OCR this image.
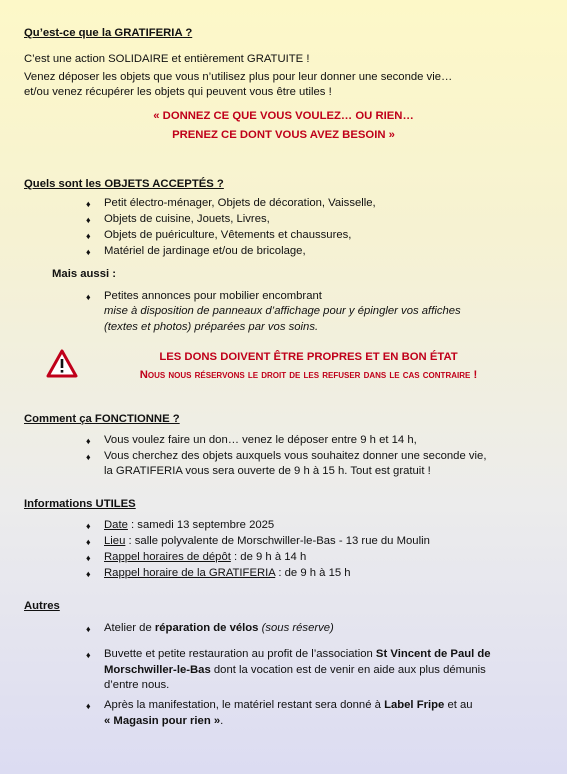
Qu’est-ce que la GRATIFERIA ?
C’est une action SOLIDAIRE et entièrement GRATUITE !
Venez déposer les objets que vous n’utilisez plus pour leur donner une seconde vie…
et/ou venez récupérer les objets qui peuvent vous être utiles !
« DONNEZ CE QUE VOUS VOULEZ… OU RIEN…
PRENEZ CE DONT VOUS AVEZ BESOIN »
Quels sont les OBJETS ACCEPTÉS ?
♦ Petit électro-ménager, Objets de décoration, Vaisselle,
♦ Objets de cuisine, Jouets, Livres,
♦ Objets de puériculture, Vêtements et chaussures,
♦ Matériel de jardinage et/ou de bricolage,
Mais aussi :
♦ Petites annonces pour mobilier encombrant
mise à disposition de panneaux d’affichage pour y épingler vos affiches
(textes et photos) préparées par vos soins.
LES DONS DOIVENT ÊTRE PROPRES ET EN BON ÉTAT
Nous nous réservons le droit de les refuser dans le cas contraire !
Comment ça FONCTIONNE ?
♦ Vous voulez faire un don… venez le déposer entre 9 h et 14 h,
♦ Vous cherchez des objets auxquels vous souhaitez donner une seconde vie,
la GRATIFERIA vous sera ouverte de 9 h à 15 h. Tout est gratuit !
Informations UTILES
♦ Date : samedi 13 septembre 2025
♦ Lieu : salle polyvalente de Morschwiller-le-Bas - 13 rue du Moulin
♦ Rappel horaires de dépôt : de 9 h à 14 h
♦ Rappel horaire de la GRATIFERIA : de 9 h à 15 h
Autres
♦ Atelier de réparation de vélos (sous réserve)
♦ Buvette et petite restauration au profit de l’association St Vincent de Paul de
Morschwiller-le-Bas dont la vocation est de venir en aide aux plus démunis
d’entre nous.
♦ Après la manifestation, le matériel restant sera donné à Label Fripe et au
« Magasin pour rien ».
